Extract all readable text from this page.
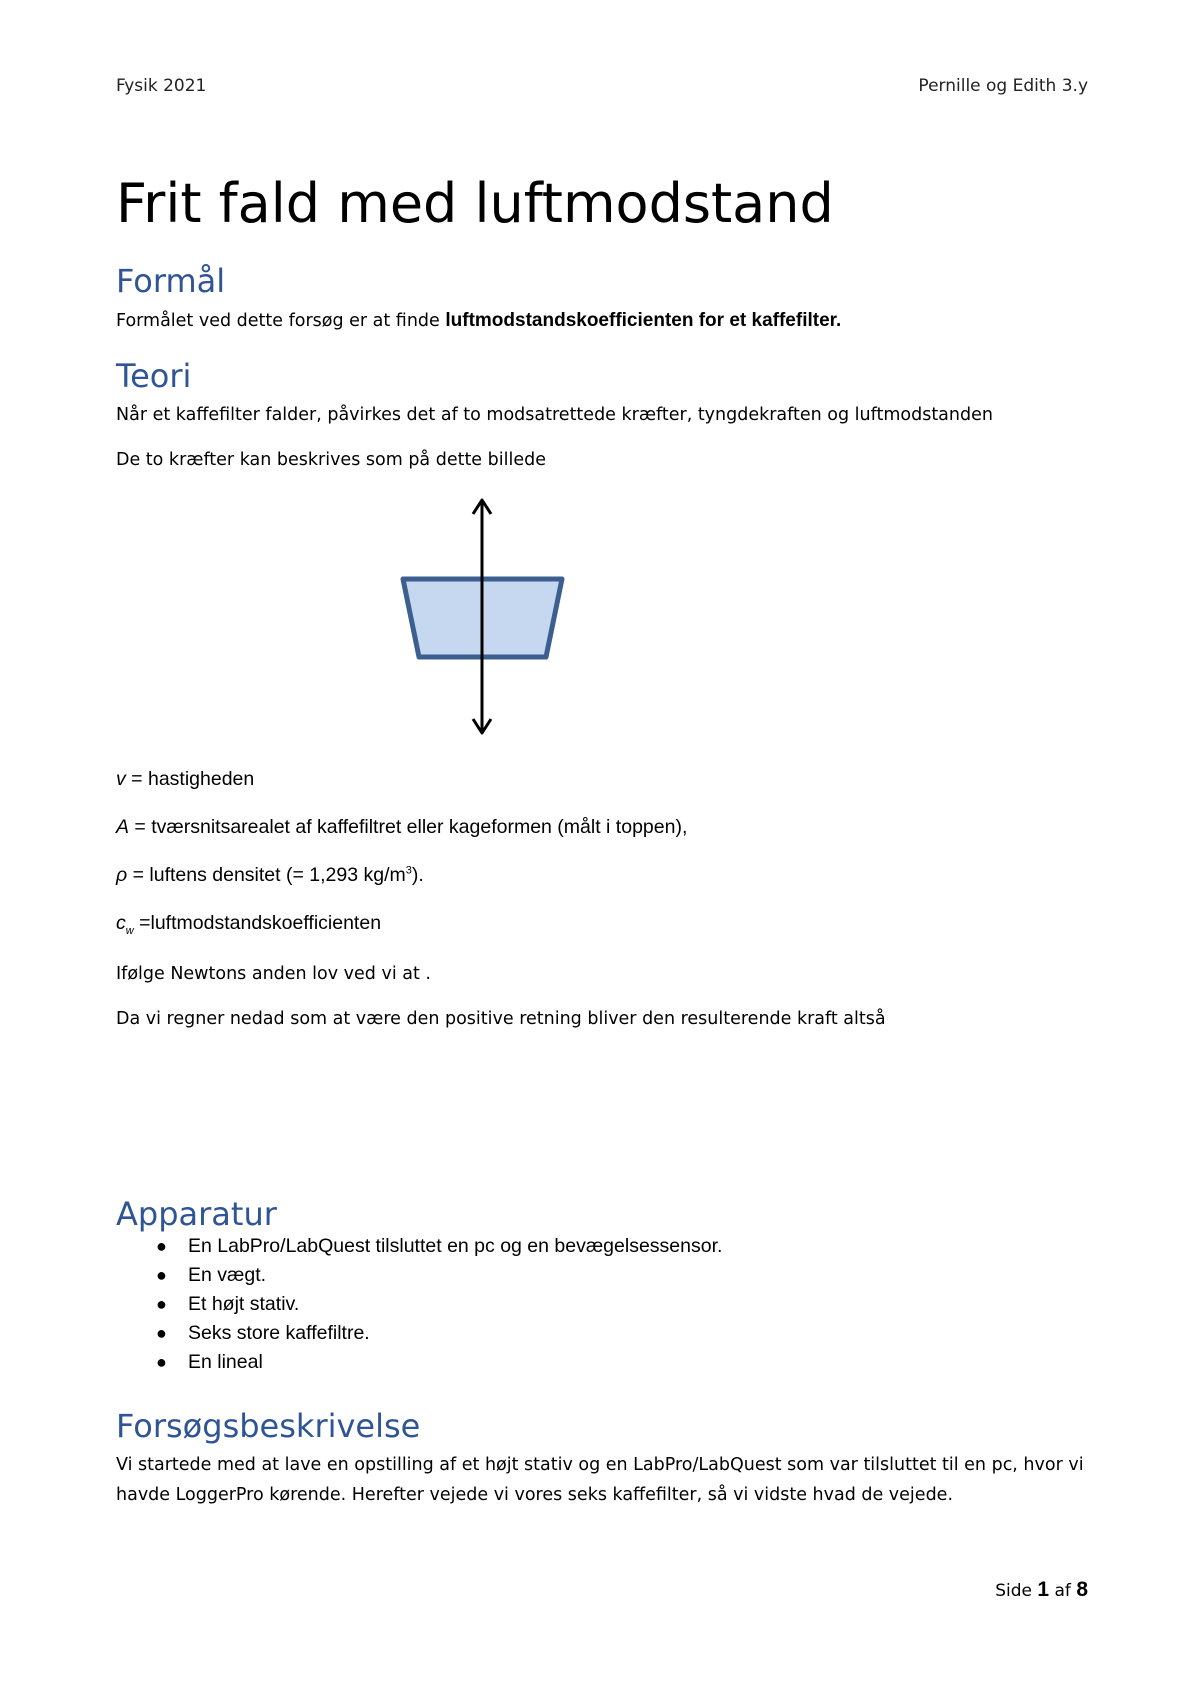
Fysik 2021	Pernille og Edith 3.y
Frit fald med luftmodstand
Formål

Formålet ved dette forsøg er at finde luftmodstandskoefficienten for et kaffefilter.

Teori

Når et kaffefilter falder, påvirkes det af to modsatrettede kræfter, tyngdekraften og luftmodstanden

De to kræfter kan beskrives som på dette billede

v = hastigheden

A = tværsnitsarealet af kaffefiltret eller kageformen (målt i toppen),

ρ = luftens densitet (= 1,293 $kg/m^3$).

$c_w$ =luftmodstandskoefficienten

Ifølge Newtons anden lov ved vi at .

Da vi regner nedad som at være den positive retning bliver den resulterende kraft altså

Apparatur
● En LabPro/LabQuest tilsluttet en pc og en bevægelsessensor.
● En vægt.
● Et højt stativ.
● Seks store kaffefiltre.
● En lineal
Forsøgsbeskrivelse

Vi startede med at lave en opstilling af et højt stativ og en LabPro/LabQuest som var tilsluttet til en pc, hvor vi havde LoggerPro kørende. Herefter vejede vi vores seks kaffefilter, så vi vidste hvad de vejede.

Side 1 af 8
